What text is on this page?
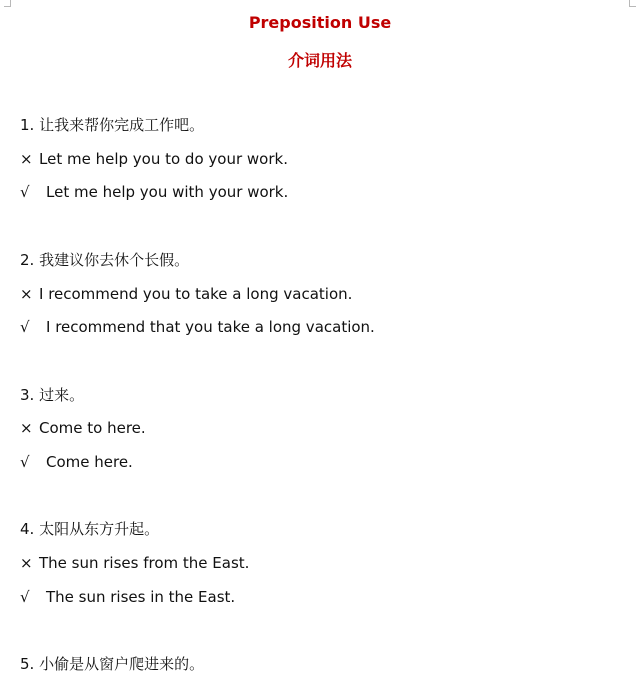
Preposition Use
介词用法
1. 让我来帮你完成工作吧。
× Let me help you to do your work.
√ Let me help you with your work.
2. 我建议你去休个长假。
× I recommend you to take a long vacation.
√ I recommend that you take a long vacation.
3. 过来。
× Come to here.
√ Come here.
4. 太阳从东方升起。
× The sun rises from the East.
√ The sun rises in the East.
5. 小偷是从窗户爬进来的。
